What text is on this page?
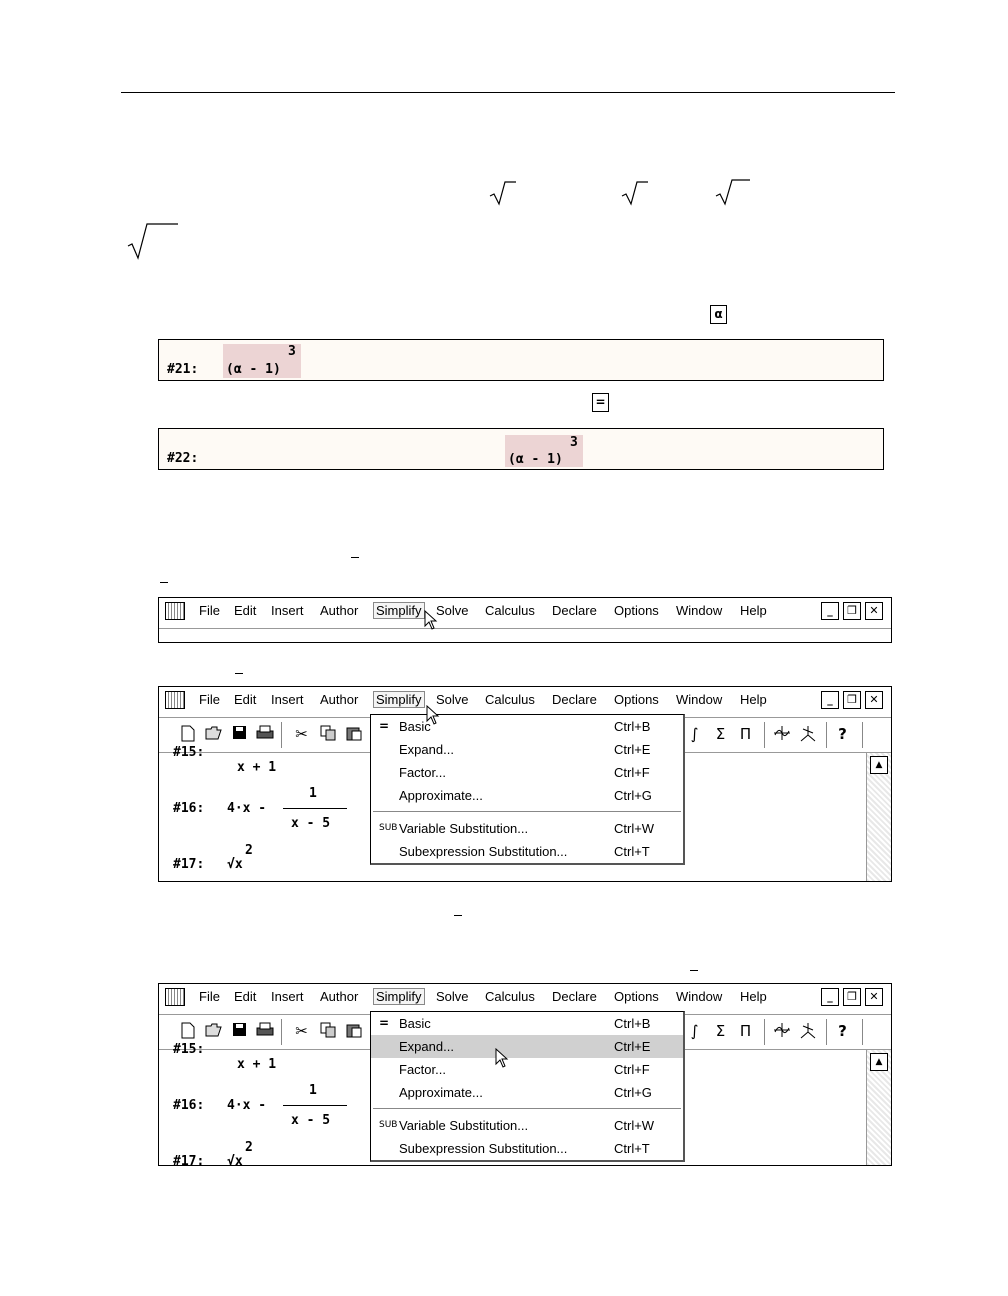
α
#21: (α - 1)
3
=
#22:	(α - 1)
3
File Edit Insert Author Simplify Solve Calculus Declare Options Window Help	_	❐	✕
File Edit Insert Author Simplify Solve Calculus Declare Options Window Help	_	❐	✕
✂	∫	Σ Π	?
#15:
x + 1
#16: 4·x -
1
x - 5
#17: √x
2
▲
= Basic	Ctrl+B
Expand...	Ctrl+E
Factor...	Ctrl+F
Approximate...	Ctrl+G
SUB Variable Substitution...	Ctrl+W
Subexpression Substitution...	Ctrl+T
File Edit Insert Author Simplify Solve Calculus Declare Options Window Help	_	❐	✕
✂	∫	Σ Π	?
#15:
x + 1
#16: 4·x -
1
x - 5
#17: √x
2
▲
= Basic	Ctrl+B
Expand...	Ctrl+E
Factor...	Ctrl+F
Approximate...	Ctrl+G
SUB Variable Substitution...	Ctrl+W
Subexpression Substitution...	Ctrl+T
